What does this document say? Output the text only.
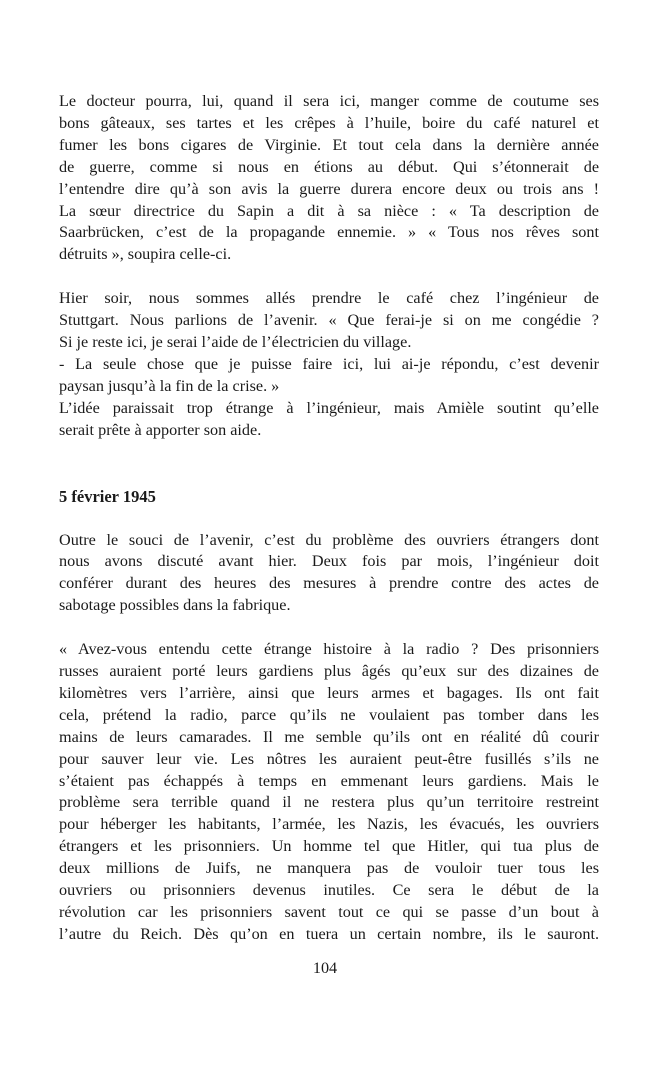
Le docteur pourra, lui, quand il sera ici, manger comme de coutume ses
bons gâteaux, ses tartes et les crêpes à l’huile, boire du café naturel et
fumer les bons cigares de Virginie. Et tout cela dans la dernière année
de guerre, comme si nous en étions au début. Qui s’étonnerait de
l’entendre dire qu’à son avis la guerre durera encore deux ou trois ans !
La sœur directrice du Sapin a dit à sa nièce : « Ta description de
Saarbrücken, c’est de la propagande ennemie. » « Tous nos rêves sont
détruits », soupira celle-ci.

Hier soir, nous sommes allés prendre le café chez l’ingénieur de
Stuttgart. Nous parlions de l’avenir. « Que ferai-je si on me congédie ?
Si je reste ici, je serai l’aide de l’électricien du village.
- La seule chose que je puisse faire ici, lui ai-je répondu, c’est devenir
paysan jusqu’à la fin de la crise. »
L’idée paraissait trop étrange à l’ingénieur, mais Amièle soutint qu’elle
serait prête à apporter son aide.

5 février 1945

Outre le souci de l’avenir, c’est du problème des ouvriers étrangers dont
nous avons discuté avant hier. Deux fois par mois, l’ingénieur doit
conférer durant des heures des mesures à prendre contre des actes de
sabotage possibles dans la fabrique.

« Avez-vous entendu cette étrange histoire à la radio ? Des prisonniers
russes auraient porté leurs gardiens plus âgés qu’eux sur des dizaines de
kilomètres vers l’arrière, ainsi que leurs armes et bagages. Ils ont fait
cela, prétend la radio, parce qu’ils ne voulaient pas tomber dans les
mains de leurs camarades. Il me semble qu’ils ont en réalité dû courir
pour sauver leur vie. Les nôtres les auraient peut-être fusillés s’ils ne
s’étaient pas échappés à temps en emmenant leurs gardiens. Mais le
problème sera terrible quand il ne restera plus qu’un territoire restreint
pour héberger les habitants, l’armée, les Nazis, les évacués, les ouvriers
étrangers et les prisonniers. Un homme tel que Hitler, qui tua plus de
deux millions de Juifs, ne manquera pas de vouloir tuer tous les
ouvriers ou prisonniers devenus inutiles. Ce sera le début de la
révolution car les prisonniers savent tout ce qui se passe d’un bout à
l’autre du Reich. Dès qu’on en tuera un certain nombre, ils le sauront.

104
